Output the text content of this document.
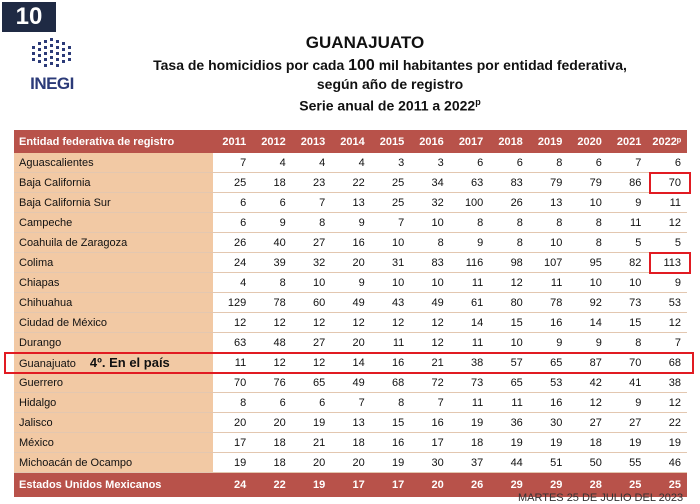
10
INEGI
GUANAJUATO
Tasa de homicidios por cada 100 mil habitantes por entidad federativa,
según año de registro
Serie anual de 2011 a 2022$^p$
Entidad federativa de registro	2011	2012	2013	2014	2015	2016	2017	2018	2019	2020	2021	2022ᵖ
Aguascalientes	7	4	4	4	3	3	6	6	8	6	7	6
Baja California	25	18	23	22	25	34	63	83	79	79	86	70
Baja California Sur	6	6	7	13	25	32	100	26	13	10	9	11
Campeche	6	9	8	9	7	10	8	8	8	8	11	12
Coahuila de Zaragoza	26	40	27	16	10	8	9	8	10	8	5	5
Colima	24	39	32	20	31	83	116	98	107	95	82	113
Chiapas	4	8	10	9	10	10	11	12	11	10	10	9
Chihuahua	129	78	60	49	43	49	61	80	78	92	73	53
Ciudad de México	12	12	12	12	12	12	14	15	16	14	15	12
Durango	63	48	27	20	11	12	11	10	9	9	8	7
Guanajuato 4º. En el país	11	12	12	14	16	21	38	57	65	87	70	68
Guerrero	70	76	65	49	68	72	73	65	53	42	41	38
Hidalgo	8	6	6	7	8	7	11	11	16	12	9	12
Jalisco	20	20	19	13	15	16	19	36	30	27	27	22
México	17	18	21	18	16	17	18	19	19	18	19	19
Michoacán de Ocampo	19	18	20	20	19	30	37	44	51	50	55	46
Estados Unidos Mexicanos	24	22	19	17	17	20	26	29	29	28	25	25
MARTES 25 DE JULIO DEL 2023
